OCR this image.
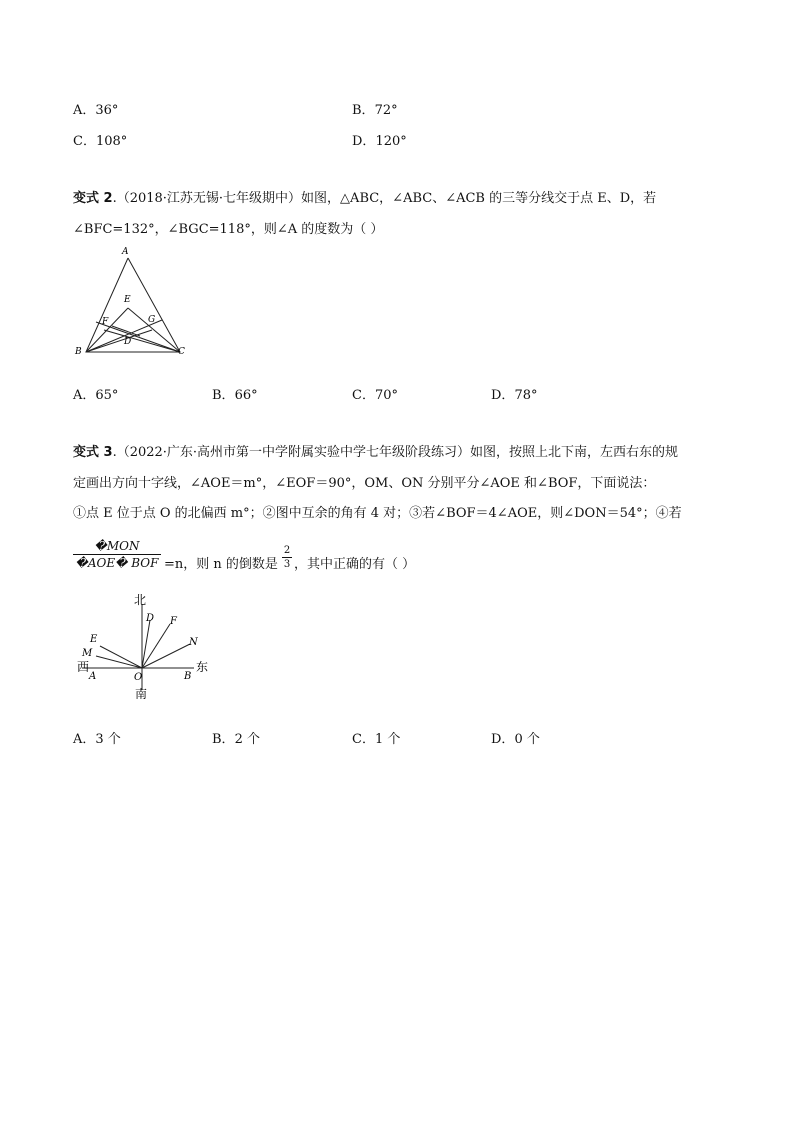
A．36°	B．72°
C．108°	D．120°
变式 2.（2018·江苏无锡·七年级期中）如图，△ABC，∠ABC、∠ACB 的三等分线交于点 E、D，若
∠BFC=132°，∠BGC=118°，则∠A 的度数为（ ）
A
E
F	G
D
B	C
A．65°	B．66°	C．70°	D．78°
变式 3.（2022·广东·高州市第一中学附属实验中学七年级阶段练习）如图，按照上北下南，左西右东的规
定画出方向十字线，∠AOE＝m°，∠EOF＝90°，OM、ON 分别平分∠AOE 和∠BOF，下面说法：
①点 E 位于点 O 的北偏西 m°；②图中互余的角有 4 对；③若∠BOF＝4∠AOE，则∠DON＝54°；④若
�MON
�AOE� BOF =n，则 n 的倒数是
2
3 ，其中正确的有（ ）
北
D F
N
E
M
西
A	O	B
东
南
A．3 个	B．2 个	C．1 个	D．0 个
